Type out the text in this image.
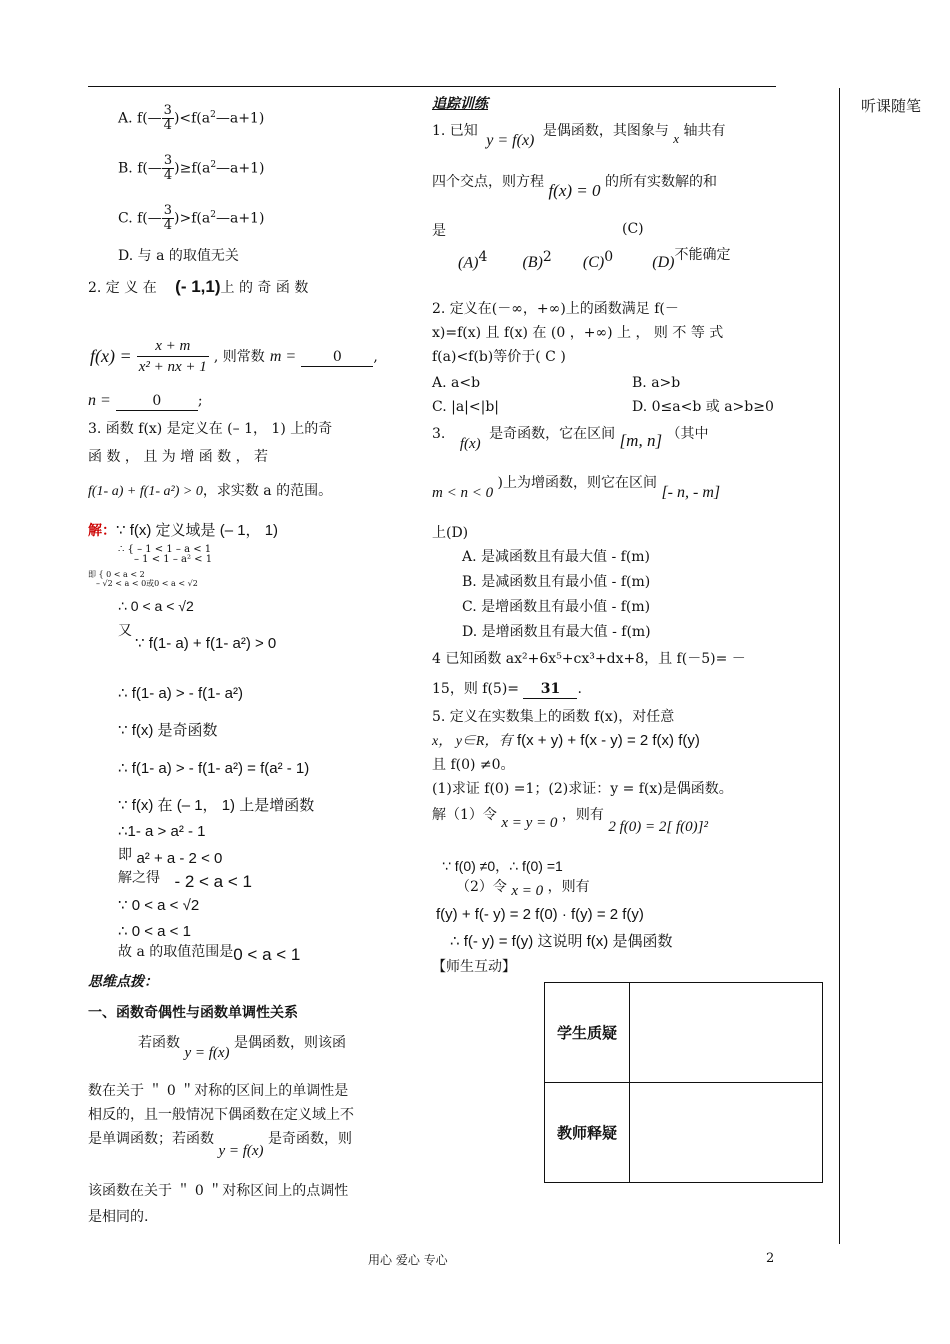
听课随笔
A. f(— $\frac{3}{4}$ )$<f(a^2—a+1)$
B. f(— $\frac{3}{4}$ )$\ge f(a^2—a+1)$
C. f(— $\frac{3}{4}$ )$>f(a^2—a+1)$
D. 与 a 的取值无关
2. 定 义 在 (- 1,1)上 的 奇 函 数
$f(x) = \frac{x + m}{\text{x² + nx + 1}}$ , 则常数 m =	0 ,
n =	0	;
3. 函数 f(x) 是定义在 (– 1， 1) 上的奇
函 数 ， 且 为 增 函 数 ， 若
f(1- a) + f(1- a²) > 0，求实数 a 的范围。
解：∵ f(x) 定义域是 (– 1， 1)
∴ { – 1 < 1 – a < 1
– 1 < 1 – a² < 1
即 { 0 < a < 2
– √2 < a < 0或0 < a < √2
∴ 0 < a < √2
又
∵ f(1- a) + f(1- a²) > 0
∴ f(1- a) > - f(1- a²)
∵ f(x) 是奇函数
∴ f(1- a) > - f(1- a²) = f(a² - 1)
∵ f(x) 在 (– 1， 1) 上是增函数
∴1- a > a² - 1
即 a² + a - 2 < 0
解之得 - 2 < a < 1
∵ 0 < a < √2
∴ 0 < a < 1
故 a 的取值范围是0 < a < 1
思维点拨：
一、函数奇偶性与函数单调性关系
若函数 y = f(x) 是偶函数，则该函
数在关于 ＂ 0 ＂对称的区间上的单调性是
相反的，且一般情况下偶函数在定义域上不
是单调函数；若函数 y = f(x) 是奇函数，则
该函数在关于 ＂ 0 ＂对称区间上的点调性
是相同的.
追踪训练
1. 已知 y = f(x) 是偶函数，其图象与 x 轴共有
四个交点，则方程 f(x) = 0 的所有实数解的和
是	(C)
$(A)^4$ $(B)^2$ $(C)^0$ (D)不能确定
2. 定义在(－∞，+∞)上的函数满足 f(－
x)=f(x) 且 f(x) 在 (0 ，+∞) 上 ， 则 不 等 式
f(a)<f(b)等价于( C )
A. a<b	B. a>b
C. |a|<|b|	D. 0≤a<b 或 a>b≥0
3. f(x) 是奇函数，它在区间 [m, n] （其中
m < n < 0 )上为增函数，则它在区间 [- n, - m]
上(D)
A. 是减函数且有最大值 - f(m)
B. 是减函数且有最小值 - f(m)
C. 是增函数且有最小值 - f(m)
D. 是增函数且有最大值 - f(m)
4 已知函数 ax²+6x⁵+cx³+dx+8，且 f(－5)= －
15，则 f(5)= 31 .
5. 定义在实数集上的函数 f(x)，对任意
x， y∈R，有 f(x + y) + f(x - y) = 2 f(x) f(y)
且 f(0) ≠0。
(1)求证 f(0) =1；(2)求证：y = f(x)是偶函数。
解（1）令 x = y = 0 ，则有 2 f(0) = 2[ f(0)]²
∵ f(0) ≠0，∴ f(0) =1
（2）令 x = 0 ，则有
f(y) + f(- y) = 2 f(0) · f(y) = 2 f(y)
∴ f(- y) = f(y) 这说明 f(x) 是偶函数
【师生互动】
学生质疑	
教师释疑	
用心 爱心 专心	2
